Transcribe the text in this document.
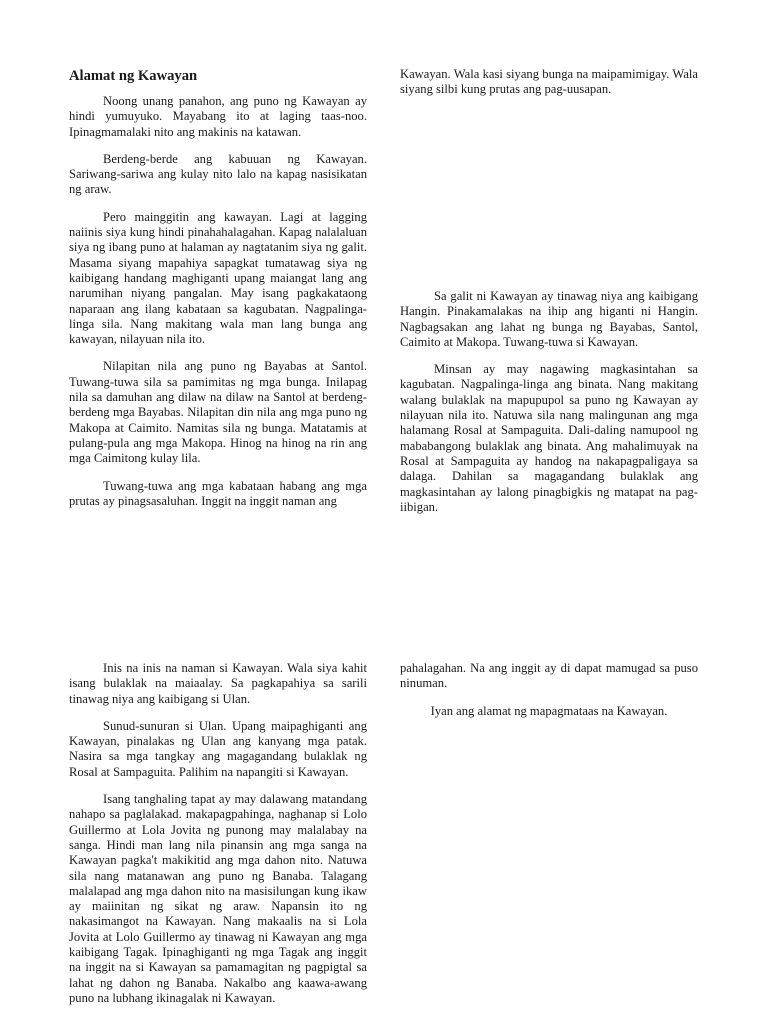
Alamat ng Kawayan

Noong unang panahon, ang puno ng Kawayan ay hindi yumuyuko. Mayabang ito at laging taas-noo. Ipinagmamalaki nito ang makinis na katawan.

Berdeng-berde ang kabuuan ng Kawayan. Sariwang-sariwa ang kulay nito lalo na kapag nasisikatan ng araw.

Pero mainggitin ang kawayan. Lagi at lagging naiinis siya kung hindi pinahahalagahan. Kapag nalalaluan siya ng ibang puno at halaman ay nagtatanim siya ng galit. Masama siyang mapahiya sapagkat tumatawag siya ng kaibigang handang maghiganti upang maiangat lang ang narumihan niyang pangalan. May isang pagkakataong naparaan ang ilang kabataan sa kagubatan. Nagpalinga-linga sila. Nang makitang wala man lang bunga ang kawayan, nilayuan nila ito.

Nilapitan nila ang puno ng Bayabas at Santol. Tuwang-tuwa sila sa pamimitas ng mga bunga. Inilapag nila sa damuhan ang dilaw na dilaw na Santol at berdeng-berdeng mga Bayabas. Nilapitan din nila ang mga puno ng Makopa at Caimito. Namitas sila ng bunga. Matatamis at pulang-pula ang mga Makopa. Hinog na hinog na rin ang mga Caimitong kulay lila.

Tuwang-tuwa ang mga kabataan habang ang mga prutas ay pinagsasaluhan. Inggit na inggit naman ang

Kawayan. Wala kasi siyang bunga na maipamimigay. Wala siyang silbi kung prutas ang pag-uusapan.

Sa galit ni Kawayan ay tinawag niya ang kaibigang Hangin. Pinakamalakas na ihip ang higanti ni Hangin. Nagbagsakan ang lahat ng bunga ng Bayabas, Santol, Caimito at Makopa. Tuwang-tuwa si Kawayan.

Minsan ay may nagawing magkasintahan sa kagubatan. Nagpalinga-linga ang binata. Nang makitang walang bulaklak na mapupupol sa puno ng Kawayan ay nilayuan nila ito. Natuwa sila nang malingunan ang mga halamang Rosal at Sampaguita. Dali-daling namupool ng mababangong bulaklak ang binata. Ang mahalimuyak na Rosal at Sampaguita ay handog na nakapagpaligaya sa dalaga. Dahilan sa magagandang bulaklak ang magkasintahan ay lalong pinagbigkis ng matapat na pag-iibigan.

Inis na inis na naman si Kawayan. Wala siya kahit isang bulaklak na maiaalay. Sa pagkapahiya sa sarili tinawag niya ang kaibigang si Ulan.

Sunud-sunuran si Ulan. Upang maipaghiganti ang Kawayan, pinalakas ng Ulan ang kanyang mga patak. Nasira sa mga tangkay ang magagandang bulaklak ng Rosal at Sampaguita. Palihim na napangiti si Kawayan.

Isang tanghaling tapat ay may dalawang matandang nahapo sa paglalakad. makapagpahinga, naghanap si Lolo Guillermo at Lola Jovita ng punong may malalabay na sanga. Hindi man lang nila pinansin ang mga sanga na Kawayan pagka't makikitid ang mga dahon nito. Natuwa sila nang matanawan ang puno ng Banaba. Talagang malalapad ang mga dahon nito na masisilungan kung ikaw ay maiinitan ng sikat ng araw. Napansin ito ng nakasimangot na Kawayan. Nang makaalis na si Lola Jovita at Lolo Guillermo ay tinawag ni Kawayan ang mga kaibigang Tagak. Ipinaghiganti ng mga Tagak ang inggit na inggit na si Kawayan sa pamamagitan ng pagpigtal sa lahat ng dahon ng Banaba. Nakalbo ang kaawa-awang puno na lubhang ikinagalak ni Kawayan.

pahalagahan. Na ang inggit ay di dapat mamugad sa puso ninuman.

Iyan ang alamat ng mapagmataas na Kawayan.
